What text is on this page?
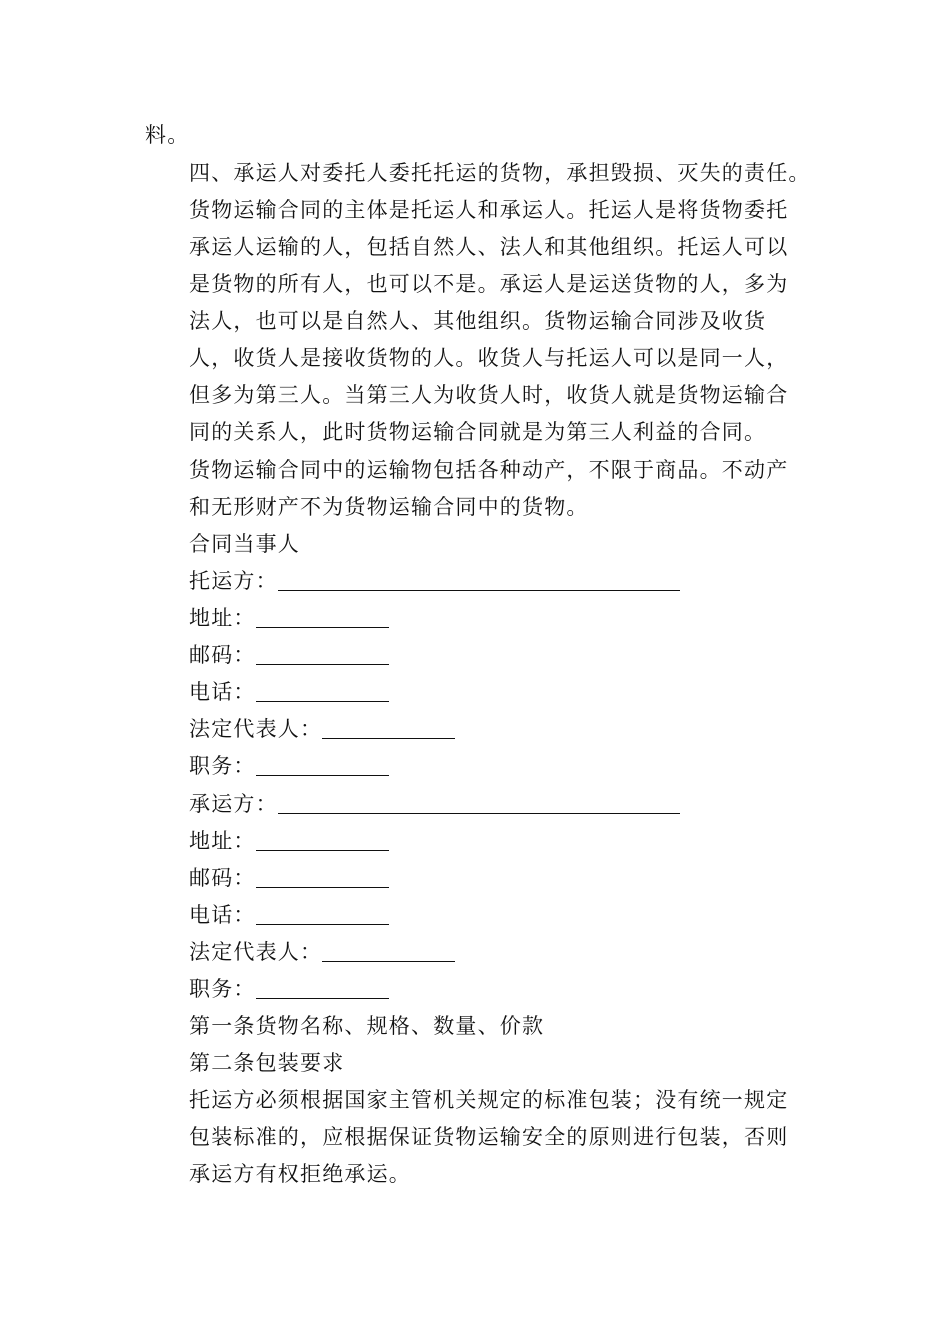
料。
四、承运人对委托人委托托运的货物，承担毁损、灭失的责任。

货物运输合同的主体是托运人和承运人。托运人是将货物委托承运人运输的人，包括自然人、法人和其他组织。托运人可以是货物的所有人，也可以不是。承运人是运送货物的人，多为法人，也可以是自然人、其他组织。货物运输合同涉及收货人，收货人是接收货物的人。收货人与托运人可以是同一人，但多为第三人。当第三人为收货人时，收货人就是货物运输合同的关系人，此时货物运输合同就是为第三人利益的合同。

货物运输合同中的运输物包括各种动产，不限于商品。不动产和无形财产不为货物运输合同中的货物。

合同当事人
托运方：
地址：
邮码：
电话：
法定代表人：
职务：
承运方：
地址：
邮码：
电话：
法定代表人：
职务：
第一条货物名称、规格、数量、价款
第二条包装要求

托运方必须根据国家主管机关规定的标准包装；没有统一规定包装标准的，应根据保证货物运输安全的原则进行包装，否则承运方有权拒绝承运。
